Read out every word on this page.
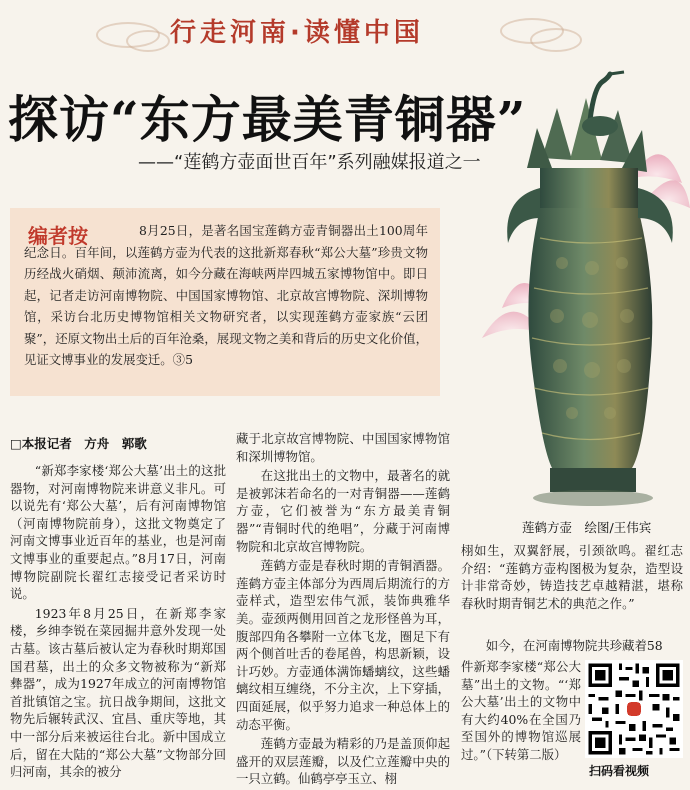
行走河南·读懂中国
探访“东方最美青铜器”
——“莲鹤方壶面世百年”系列融媒报道之一
8月25日，是著名国宝莲鹤方壶青铜器出土100周年纪念日。百年间，以莲鹤方壶为代表的这批新郑春秋“郑公大墓”珍贵文物历经战火硝烟、颠沛流离，如今分藏在海峡两岸四城五家博物馆中。即日起，记者走访河南博物院、中国国家博物馆、北京故宫博物院、深圳博物馆，采访台北历史博物馆相关文物研究者，以实现莲鹤方壶家族“云团聚”，还原文物出土后的百年沧桑，展现文物之美和背后的历史文化价值，见证文博事业的发展变迁。③5
编者按
莲鹤方壶　绘图/王伟宾
□本报记者　方舟　郭歌

“新郑李家楼‘郑公大墓’出土的这批器物，对河南博物院来讲意义非凡。可以说先有‘郑公大墓’，后有河南博物馆（河南博物院前身），这批文物奠定了河南文博事业近百年的基业，也是河南文博事业的重要起点。”8月17日，河南博物院副院长翟红志接受记者采访时说。

1923年8月25日，在新郑李家楼，乡绅李锐在菜园掘井意外发现一处古墓。该古墓后被认定为春秋时期郑国国君墓，出土的众多文物被称为“新郑彝器”，成为1927年成立的河南博物馆首批镇馆之宝。抗日战争期间，这批文物先后辗转武汉、宜昌、重庆等地，其中一部分后来被运往台北。新中国成立后，留在大陆的“郑公大墓”文物部分回归河南，其余的被分

藏于北京故宫博物院、中国国家博物馆和深圳博物馆。

在这批出土的文物中，最著名的就是被郭沫若命名的一对青铜器——莲鹤方壶，它们被誉为“东方最美青铜器”“青铜时代的绝唱”，分藏于河南博物院和北京故宫博物院。

莲鹤方壶是春秋时期的青铜酒器。莲鹤方壶主体部分为西周后期流行的方壶样式，造型宏伟气派，装饰典雅华美。壶颈两侧用回首之龙形怪兽为耳，腹部四角各攀附一立体飞龙，圈足下有两个侧首吐舌的卷尾兽，构思新颖，设计巧妙。方壶通体满饰蟠螭纹，这些蟠螭纹相互缠绕，不分主次，上下穿插，四面延展，似乎努力追求一种总体上的动态平衡。

莲鹤方壶最为精彩的乃是盖顶仰起盛开的双层莲瓣，以及伫立莲瓣中央的一只立鹤。仙鹤亭亭玉立、栩

栩如生，双翼舒展，引颈欲鸣。翟红志介绍：“莲鹤方壶构图极为复杂，造型设计非常奇妙，铸造技艺卓越精湛，堪称春秋时期青铜艺术的典范之作。”

如今，在河南博物院共珍藏着58

件新郑李家楼“郑公大墓”出土的文物。“‘郑公大墓’出土的文物中有大约40%在全国乃至国外的博物馆巡展过。”（下转第二版）

扫码看视频
